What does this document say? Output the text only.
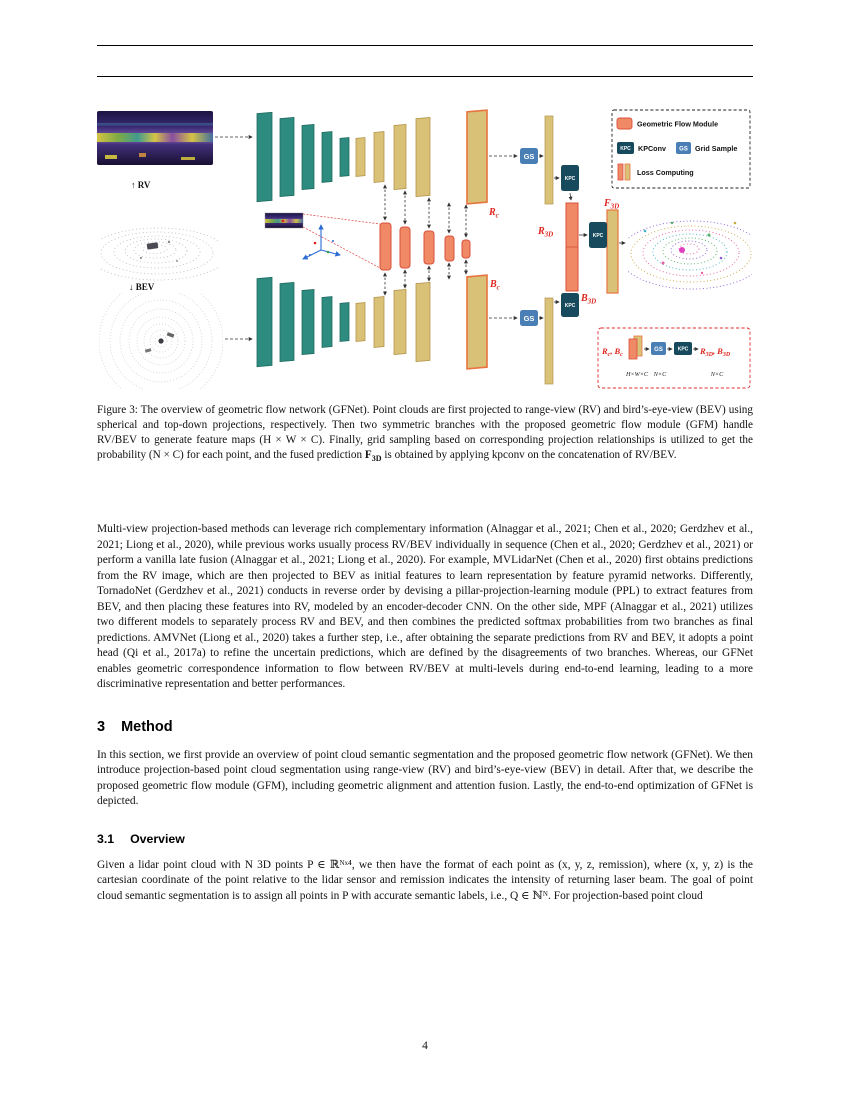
↑ RV
↓ BEV
GS
GS
KPC
KPC
KPC
$R_c$
$B_c$
$R_{3D}$
$B_{3D}$
$F_{3D}$
Geometric Flow Module
KPC KPConv GS Grid Sample
Loss Computing
$R_c$, $B_c$
GS	KPC $R_{3D}$, $B_{3D}$
H×W×C N×C	N×C
Figure 3: The overview of geometric flow network (GFNet). Point clouds are first projected to range-view (RV) and bird’s-eye-view (BEV) using spherical and top-down projections, respectively. Then two symmetric branches with the proposed geometric flow module (GFM) handle RV/BEV to generate feature maps (H × W × C). Finally, grid sampling based on corresponding projection relationships is utilized to get the probability (N × C) for each point, and the fused prediction $F_{3D}$ is obtained by applying kpconv on the concatenation of RV/BEV.

Multi-view projection-based methods can leverage rich complementary information (Alnaggar et al., 2021; Chen et al., 2020; Gerdzhev et al., 2021; Liong et al., 2020), while previous works usually process RV/BEV individually in sequence (Chen et al., 2020; Gerdzhev et al., 2021) or perform a vanilla late fusion (Alnaggar et al., 2021; Liong et al., 2020). For example, MVLidarNet (Chen et al., 2020) first obtains predictions from the RV image, which are then projected to BEV as initial features to learn representation by feature pyramid networks. Differently, TornadoNet (Gerdzhev et al., 2021) conducts in reverse order by devising a pillar-projection-learning module (PPL) to extract features from BEV, and then placing these features into RV, modeled by an encoder-decoder CNN. On the other side, MPF (Alnaggar et al., 2021) utilizes two different models to separately process RV and BEV, and then combines the predicted softmax probabilities from two branches as final predictions. AMVNet (Liong et al., 2020) takes a further step, i.e., after obtaining the separate predictions from RV and BEV, it adopts a point head (Qi et al., 2017a) to refine the uncertain predictions, which are defined by the disagreements of two branches. Whereas, our GFNet enables geometric correspondence information to flow between RV/BEV at multi-levels during end-to-end learning, leading to a more discriminative representation and better performances.

3 Method

In this section, we first provide an overview of point cloud semantic segmentation and the proposed geometric flow network (GFNet). We then introduce projection-based point cloud segmentation using range-view (RV) and bird’s-eye-view (BEV) in detail. After that, we describe the proposed geometric flow module (GFM), including geometric alignment and attention fusion. Lastly, the end-to-end optimization of GFNet is depicted.

3.1 Overview

Given a lidar point cloud with N 3D points P ∈ ℝᴺˣ⁴, we then have the format of each point as (x, y, z, remission), where (x, y, z) is the cartesian coordinate of the point relative to the lidar sensor and remission indicates the intensity of returning laser beam. The goal of point cloud semantic segmentation is to assign all points in P with accurate semantic labels, i.e., Q ∈ ℕᴺ. For projection-based point cloud

4
